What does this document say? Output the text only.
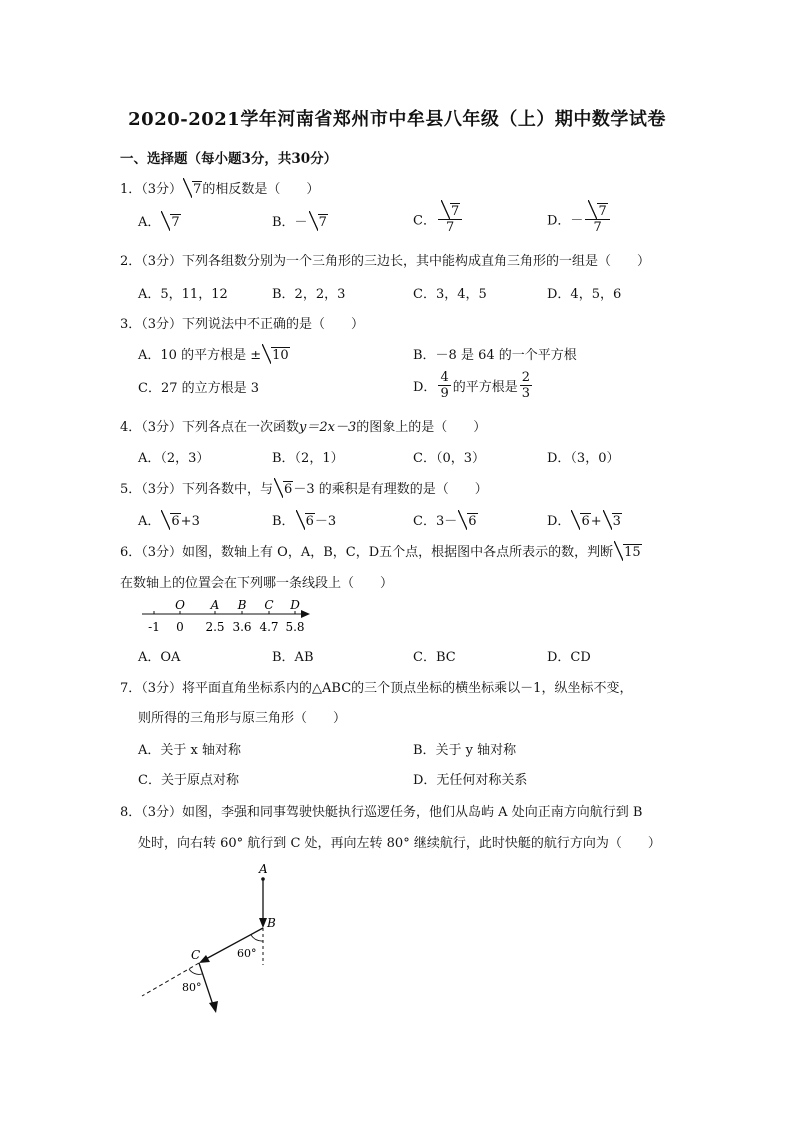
2020-2021学年河南省郑州市中牟县八年级（上）期中数学试卷
一、选择题（每小题3分，共30分）
1．（3分） 7的相反数是（　　）
A． 7	B．－ 7	C． $\frac{7}{7}$	D．－ $\frac{7}{7}$
2．（3分）下列各组数分别为一个三角形的三边长，其中能构成直角三角形的一组是（　　）
A．5，11，12	B．2，2，3	C．3，4，5	D．4，5，6
3．（3分）下列说法中不正确的是（　　）
A．10 的平方根是 ± 10	B．－8 是 64 的一个平方根
C．27 的立方根是 3	D． $\frac{4}{9}$ 的平方根是 $\frac{2}{3}$
4．（3分）下列各点在一次函数y＝2x－3的图象上的是（　　）
A．（2，3）	B．（2，1）	C．（0，3）	D．（3，0）
5．（3分）下列各数中，与 6－3 的乘积是有理数的是（　　）
A． 6+3	B． 6－3	C．3－ 6	D． 6+ 3
6．（3分）如图，数轴上有 O，A，B，C，D五个点，根据图中各点所表示的数，判断 15
在数轴上的位置会在下列哪一条线段上（　　）
-1 0
O
2.5
A
3.6
B
4.7
C
5.8
D
A．OA	B．AB	C．BC	D．CD
7．（3分）将平面直角坐标系内的△ABC的三个顶点坐标的横坐标乘以－1，纵坐标不变，
则所得的三角形与原三角形（　　）
A．关于 x 轴对称	B．关于 y 轴对称
C．关于原点对称	D．无任何对称关系
8．（3分）如图，李强和同事驾驶快艇执行巡逻任务，他们从岛屿 A 处向正南方向航行到 B
处时，向右转 60° 航行到 C 处，再向左转 80° 继续航行，此时快艇的航行方向为（　　）
A
B
C	60°
80°
